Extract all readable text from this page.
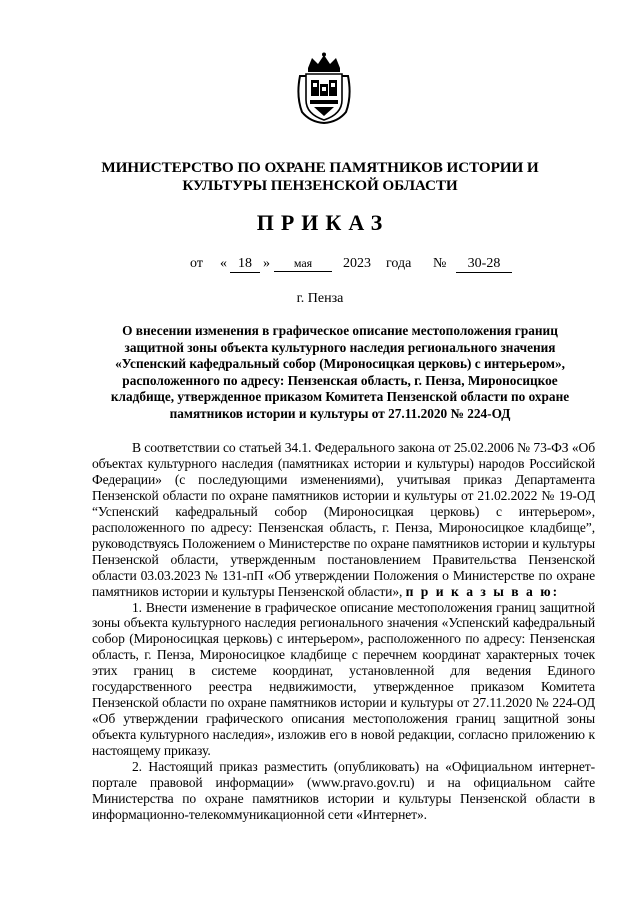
МИНИСТЕРСТВО ПО ОХРАНЕ ПАМЯТНИКОВ ИСТОРИИ И
КУЛЬТУРЫ ПЕНЗЕНСКОЙ ОБЛАСТИ
ПРИКАЗ
от « 18 »	мая	2023 года №	30-28
г. Пенза
О внесении изменения в графическое описание местоположения границ защитной зоны объекта культурного наследия регионального значения «Успенский кафедральный собор (Мироносицкая церковь) с интерьером», расположенного по адресу: Пензенская область, г. Пенза, Мироносицкое кладбище, утвержденное приказом Комитета Пензенской области по охране памятников истории и культуры от 27.11.2020 № 224-ОД

В соответствии со статьей 34.1. Федерального закона от 25.02.2006 № 73-ФЗ «Об объектах культурного наследия (памятниках истории и культуры) народов Российской Федерации» (с последующими изменениями), учитывая приказ Департамента Пензенской области по охране памятников истории и культуры от 21.02.2022 № 19-ОД “Успенский кафедральный собор (Мироносицкая церковь) с интерьером», расположенного по адресу: Пензенская область, г. Пенза, Мироносицкое кладбище”, руководствуясь Положением о Министерстве по охране памятников истории и культуры Пензенской области, утвержденным постановлением Правительства Пензенской области 03.03.2023 № 131-пП «Об утверждении Положения о Министерстве по охране памятников истории и культуры Пензенской области», п р и к а з ы в а ю:

1. Внести изменение в графическое описание местоположения границ защитной зоны объекта культурного наследия регионального значения «Успенский кафедральный собор (Мироносицкая церковь) с интерьером», расположенного по адресу: Пензенская область, г. Пенза, Мироносицкое кладбище с перечнем координат характерных точек этих границ в системе координат, установленной для ведения Единого государственного реестра недвижимости, утвержденное приказом Комитета Пензенской области по охране памятников истории и культуры от 27.11.2020 № 224-ОД «Об утверждении графического описания местоположения границ защитной зоны объекта культурного наследия», изложив его в новой редакции, согласно приложению к настоящему приказу.

2. Настоящий приказ разместить (опубликовать) на «Официальном интернет-портале правовой информации» (www.pravo.gov.ru) и на официальном сайте Министерства по охране памятников истории и культуры Пензенской области в информационно-телекоммуникационной сети «Интернет».
